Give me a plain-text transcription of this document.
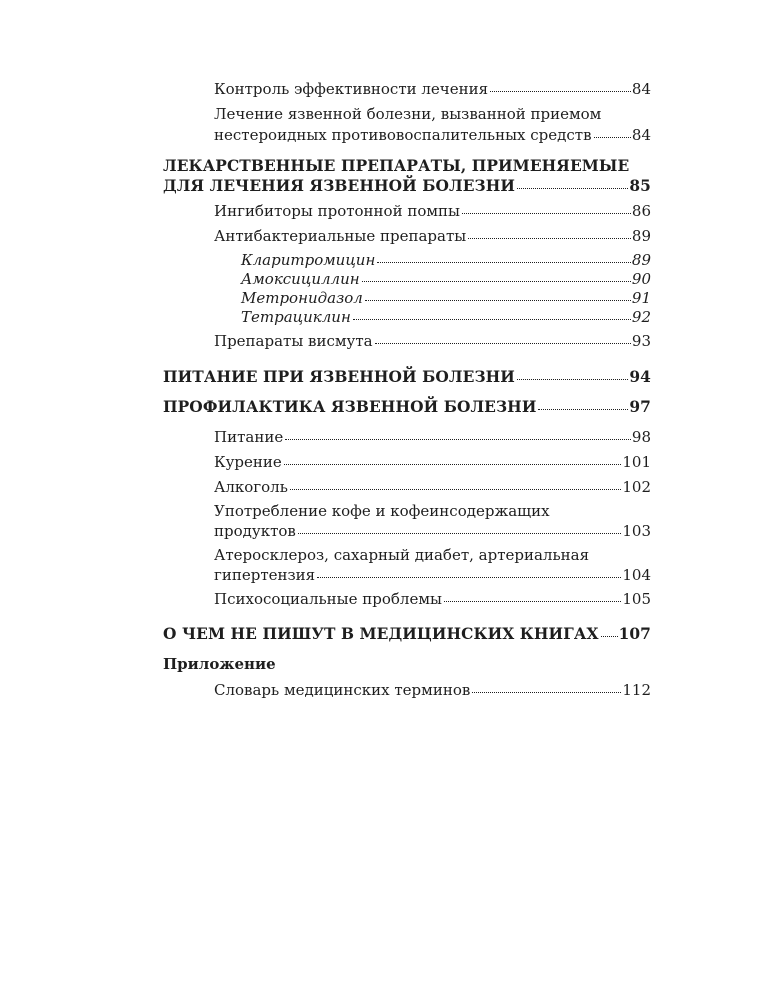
Контроль эффективности лечения	84
Лечение язвенной болезни, вызванной приемом
нестероидных противовоспалительных средств	84
ЛЕКАРСТВЕННЫЕ ПРЕПАРАТЫ, ПРИМЕНЯЕМЫЕ
ДЛЯ ЛЕЧЕНИЯ ЯЗВЕННОЙ БОЛЕЗНИ	85
Ингибиторы протонной помпы	86
Антибактериальные препараты	89
Кларитромицин	89
Амоксициллин	90
Метронидазол	91
Тетрациклин	92
Препараты висмута	93
ПИТАНИЕ ПРИ ЯЗВЕННОЙ БОЛЕЗНИ	94
ПРОФИЛАКТИКА ЯЗВЕННОЙ БОЛЕЗНИ	97
Питание	98
Курение	101
Алкоголь	102
Употребление кофе и кофеинсодержащих
продуктов	103
Атеросклероз, сахарный диабет, артериальная
гипертензия	104
Психосоциальные проблемы	105
О ЧЕМ НЕ ПИШУТ В МЕДИЦИНСКИХ КНИГАХ 107
Приложение
Словарь медицинских терминов	112
